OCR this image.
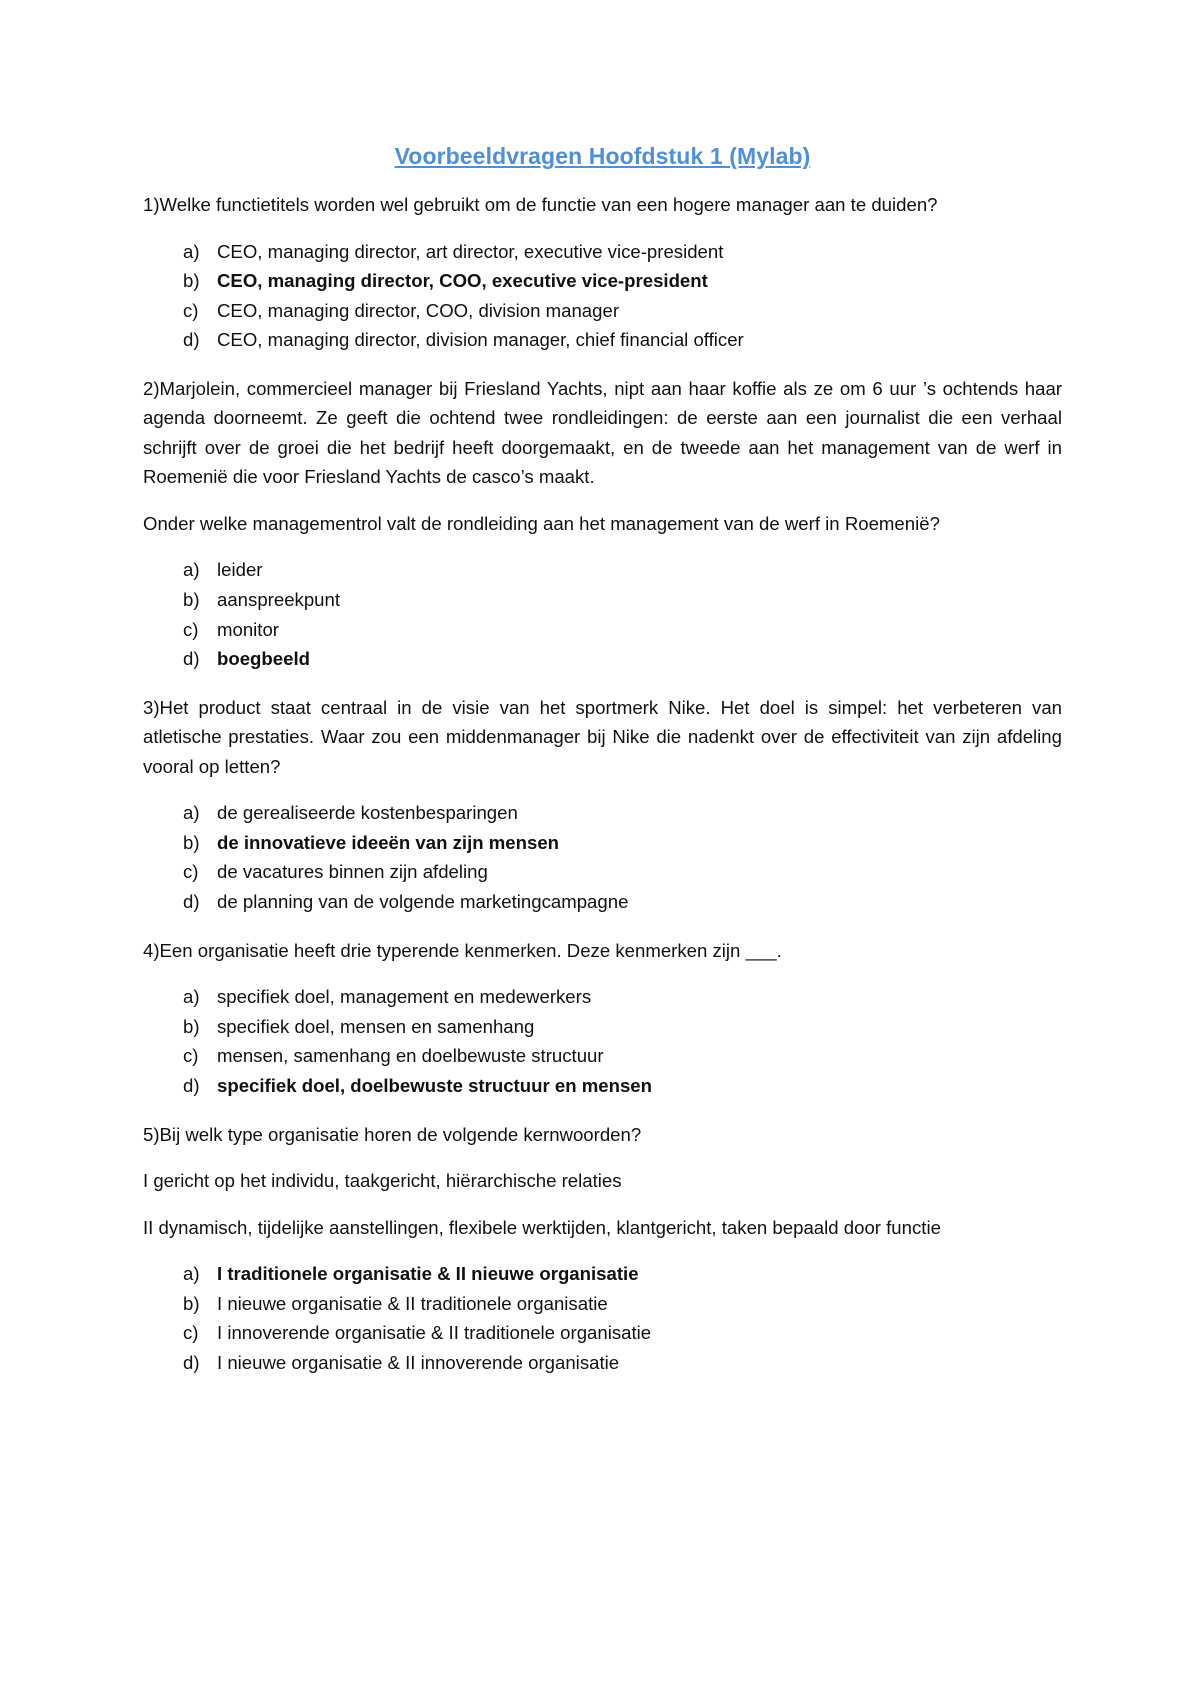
Voorbeeldvragen Hoofdstuk 1 (Mylab)

1)Welke functietitels worden wel gebruikt om de functie van een hogere manager aan te duiden?

a) CEO, managing director, art director, executive vice-president
b) CEO, managing director, COO, executive vice-president
c) CEO, managing director, COO, division manager
d) CEO, managing director, division manager, chief financial officer

2)Marjolein, commercieel manager bij Friesland Yachts, nipt aan haar koffie als ze om 6 uur ’s ochtends haar agenda doorneemt. Ze geeft die ochtend twee rondleidingen: de eerste aan een journalist die een verhaal schrijft over de groei die het bedrijf heeft doorgemaakt, en de tweede aan het management van de werf in Roemenië die voor Friesland Yachts de casco’s maakt.

Onder welke managementrol valt de rondleiding aan het management van de werf in Roemenië?

a) leider
b) aanspreekpunt
c) monitor
d) boegbeeld

3)Het product staat centraal in de visie van het sportmerk Nike. Het doel is simpel: het verbeteren van atletische prestaties. Waar zou een middenmanager bij Nike die nadenkt over de effectiviteit van zijn afdeling vooral op letten?

a) de gerealiseerde kostenbesparingen
b) de innovatieve ideeën van zijn mensen
c) de vacatures binnen zijn afdeling
d) de planning van de volgende marketingcampagne

4)Een organisatie heeft drie typerende kenmerken. Deze kenmerken zijn ___.

a) specifiek doel, management en medewerkers
b) specifiek doel, mensen en samenhang
c) mensen, samenhang en doelbewuste structuur
d) specifiek doel, doelbewuste structuur en mensen

5)Bij welk type organisatie horen de volgende kernwoorden?

I gericht op het individu, taakgericht, hiërarchische relaties

II dynamisch, tijdelijke aanstellingen, flexibele werktijden, klantgericht, taken bepaald door functie

a) I traditionele organisatie & II nieuwe organisatie
b) I nieuwe organisatie & II traditionele organisatie
c) I innoverende organisatie & II traditionele organisatie
d) I nieuwe organisatie & II innoverende organisatie
